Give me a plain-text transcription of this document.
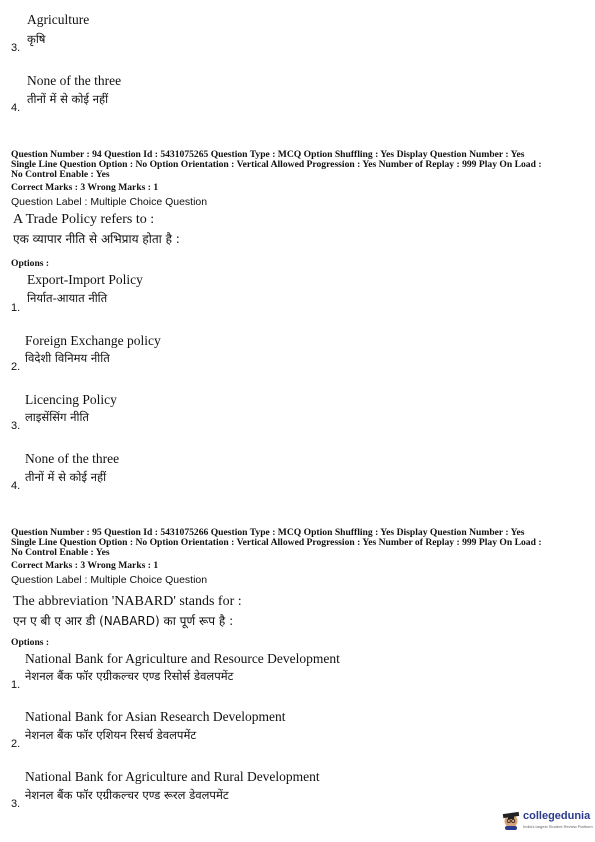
Agriculture
कृषि
3.
None of the three
तीनों में से कोई नहीं
4.
Question Number : 94 Question Id : 5431075265 Question Type : MCQ Option Shuffling : Yes Display Question Number : Yes
Single Line Question Option : No Option Orientation : Vertical Allowed Progression : Yes Number of Replay : 999 Play On Load :
No Control Enable : Yes
Correct Marks : 3 Wrong Marks : 1
Question Label : Multiple Choice Question
A Trade Policy refers to :
एक व्यापार नीति से अभिप्राय होता है :
Options :
Export-Import Policy
निर्यात-आयात नीति
1.
Foreign Exchange policy
विदेशी विनिमय नीति
2.
Licencing Policy
लाइसेंसिंग नीति
3.
None of the three
तीनों में से कोई नहीं
4.
Question Number : 95 Question Id : 5431075266 Question Type : MCQ Option Shuffling : Yes Display Question Number : Yes
Single Line Question Option : No Option Orientation : Vertical Allowed Progression : Yes Number of Replay : 999 Play On Load :
No Control Enable : Yes
Correct Marks : 3 Wrong Marks : 1
Question Label : Multiple Choice Question
The abbreviation 'NABARD' stands for :
एन ए बी ए आर डी (NABARD) का पूर्ण रूप है :
Options :
National Bank for Agriculture and Resource Development
नेशनल बैंक फॉर एग्रीकल्चर एण्ड रिसोर्स डेवलपमेंट
1.
National Bank for Asian Research Development
नेशनल बैंक फॉर एशियन रिसर्च डेवलपमेंट
2.
National Bank for Agriculture and Rural Development
नेशनल बैंक फॉर एग्रीकल्चर एण्ड रूरल डेवलपमेंट
3.
collegedunia
India's largest Student Review Platform
